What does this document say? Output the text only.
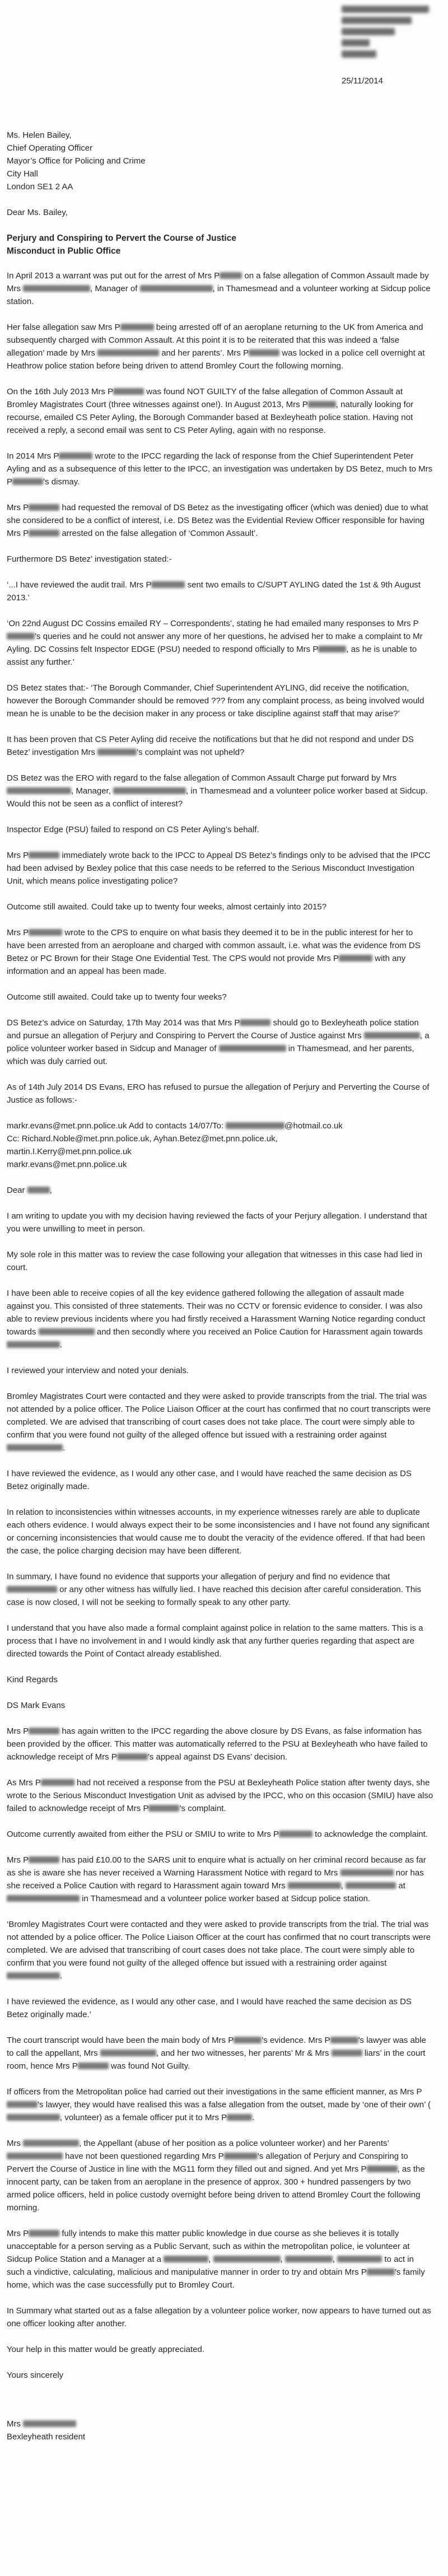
25/11/2014
Ms. Helen Bailey,
Chief Operating Officer
Mayor’s Office for Policing and Crime
City Hall
London SE1 2 AA
Dear Ms. Bailey,
Perjury and Conspiring to Pervert the Course of Justice
Misconduct in Public Office

In April 2013 a warrant was put out for the arrest of Mrs P	on a false allegation of Common Assault made by Mrs	, Manager of	, in Thamesmead and a volunteer working at Sidcup police station.

Her false allegation saw Mrs P	being arrested off of an aeroplane returning to the UK from America and subsequently charged with Common Assault. At this point it is to be reiterated that this was indeed a ‘false allegation’ made by Mrs	and her parents’. Mrs P	was locked in a police cell overnight at Heathrow police station before being driven to attend Bromley Court the following morning.

On the 16th July 2013 Mrs P	was found NOT GUILTY of the false allegation of Common Assault at Bromley Magistrates Court (three witnesses against one!). In August 2013, Mrs P	, naturally looking for recourse, emailed CS Peter Ayling, the Borough Commander based at Bexleyheath police station. Having not received a reply, a second email was sent to CS Peter Ayling, again with no response.

In 2014 Mrs P	wrote to the IPCC regarding the lack of response from the Chief Superintendent Peter Ayling and as a subsequence of this letter to the IPCC, an investigation was undertaken by DS Betez, much to Mrs P	’s dismay.

Mrs P	had requested the removal of DS Betez as the investigating officer (which was denied) due to what she considered to be a conflict of interest, i.e. DS Betez was the Evidential Review Officer responsible for having Mrs P	arrested on the false allegation of ‘Common Assault’.

Furthermore DS Betez’ investigation stated:-

‘...I have reviewed the audit trail. Mrs P	sent two emails to C/SUPT AYLING dated the 1st & 9th August 2013.’

‘On 22nd August DC Cossins emailed RY – Correspondents’, stating he had emailed many responses to Mrs P’s queries and he could not answer any more of her questions, he advised her to make a complaint to Mr Ayling. DC Cossins felt Inspector EDGE (PSU) needed to respond officially to Mrs P	, as he is unable to assist any further.’

DS Betez states that:- ‘The Borough Commander, Chief Superintendent AYLING, did receive the notification, however the Borough Commander should be removed ??? from any complaint process, as being involved would mean he is unable to be the decision maker in any process or take discipline against staff that may arise?’

It has been proven that CS Peter Ayling did receive the notifications but that he did not respond and under DS Betez’ investigation Mrs	’s complaint was not upheld?

DS Betez was the ERO with regard to the false allegation of Common Assault Charge put forward by Mrs , Manager,	, in Thamesmead and a volunteer police worker based at Sidcup. Would this not be seen as a conflict of interest?

Inspector Edge (PSU) failed to respond on CS Peter Ayling’s behalf.

Mrs P	immediately wrote back to the IPCC to Appeal DS Betez’s findings only to be advised that the IPCC had been advised by Bexley police that this case needs to be referred to the Serious Misconduct Investigation Unit, which means police investigating police?

Outcome still awaited. Could take up to twenty four weeks, almost certainly into 2015?

Mrs P	wrote to the CPS to enquire on what basis they deemed it to be in the public interest for her to have been arrested from an aeroploane and charged with common assault, i.e. what was the evidence from DS Betez or PC Brown for their Stage One Evidential Test. The CPS would not provide Mrs P	with any information and an appeal has been made.

Outcome still awaited. Could take up to twenty four weeks?

DS Betez’s advice on Saturday, 17th May 2014 was that Mrs P	should go to Bexleyheath police station and pursue an allegation of Perjury and Conspiring to Pervert the Course of Justice against Mrs	, a police volunteer worker based in Sidcup and Manager of	in Thamesmead, and her parents, which was duly carried out.

As of 14th July 2014 DS Evans, ERO has refused to pursue the allegation of Perjury and Perverting the Course of Justice as follows:-

markr.evans@met.pnn.police.uk Add to contacts 14/07/To:	@hotmail.co.uk
Cc: Richard.Noble@met.pnn.police.uk, Ayhan.Betez@met.pnn.police.uk,
martin.I.Kerry@met.pnn.police.uk
markr.evans@met.pnn.police.uk

Dear	,

I am writing to update you with my decision having reviewed the facts of your Perjury allegation. I understand that you were unwilling to meet in person.

My sole role in this matter was to review the case following your allegation that witnesses in this case had lied in court.

I have been able to receive copies of all the key evidence gathered following the allegation of assault made against you. This consisted of three statements. Their was no CCTV or forensic evidence to consider. I was also able to review previous incidents where you had firstly received a Harassment Warning Notice regarding conduct towards	and then secondly where you received an Police Caution for Harassment again towards .

I reviewed your interview and noted your denials.

Bromley Magistrates Court were contacted and they were asked to provide transcripts from the trial. The trial was not attended by a police officer. The Police Liaison Officer at the court has confirmed that no court transcripts were completed. We are advised that transcribing of court cases does not take place. The court were simply able to confirm that you were found not guilty of the alleged offence but issued with a restraining order against .

I have reviewed the evidence, as I would any other case, and I would have reached the same decision as DS Betez originally made.

In relation to inconsistencies within witnesses accounts, in my experience witnesses rarely are able to duplicate each others evidence. I would always expect their to be some inconsistencies and I have not found any significant or concerning inconsistencies that would cause me to doubt the veracity of the evidence offered. If that had been the case, the police charging decision may have been different.

In summary, I have found no evidence that supports your allegation of perjury and find no evidence that  or any other witness has wilfully lied. I have reached this decision after careful consideration. This case is now closed, I will not be seeking to formally speak to any other party.

I understand that you have also made a formal complaint against police in relation to the same matters. This is a process that I have no involvement in and I would kindly ask that any further queries regarding that aspect are directed towards the Point of Contact already established.

Kind Regards

DS Mark Evans

Mrs P	has again written to the IPCC regarding the above closure by DS Evans, as false information has been provided by the officer. This matter was automatically referred to the PSU at Bexleyheath who have failed to acknowledge receipt of Mrs P	’s appeal against DS Evans’ decision.

As Mrs P	had not received a response from the PSU at Bexleyheath Police station after twenty days, she wrote to the Serious Misconduct Investigation Unit as advised by the IPCC, who on this occasion (SMIU) have also failed to acknowledge receipt of Mrs P	’s complaint.

Outcome currently awaited from either the PSU or SMIU to write to Mrs P	to acknowledge the complaint.

Mrs P	has paid £10.00 to the SARS unit to enquire what is actually on her criminal record because as far as she is aware she has never received a Warning Harassment Notice with regard to Mrs	nor has she received a Police Caution with regard to Harassment again toward Mrs	,	at  in Thamesmead and a volunteer police worker based at Sidcup police station.

‘Bromley Magistrates Court were contacted and they were asked to provide transcripts from the trial. The trial was not attended by a police officer. The Police Liaison Officer at the court has confirmed that no court transcripts were completed. We are advised that transcribing of court cases does not take place. The court were simply able to confirm that you were found not guilty of the alleged offence but issued with a restraining order against .

I have reviewed the evidence, as I would any other case, and I would have reached the same decision as DS Betez originally made.’

The court transcript would have been the main body of Mrs P	’s evidence. Mrs P	’s lawyer was able to call the appellant, Mrs	, and her two witnesses, her parents’ Mr & Mrs	liars’ in the court room, hence Mrs P	was found Not Guilty.

If officers from the Metropolitan police had carried out their investigations in the same efficient manner, as Mrs P’s lawyer, they would have realised this was a false allegation from the outset, made by ‘one of their own’ (, volunteer) as a female officer put it to Mrs P	.

Mrs	, the Appellant (abuse of her position as a police volunteer worker) and her Parents’  have not been questioned regarding Mrs P	’s allegation of Perjury and Conspiring to Pervert the Course of Justice in line with the MG11 form they filled out and signed. And yet Mrs P	, as the innocent party, can be taken from an aeroplane in the presence of approx. 300 + hundred passengers by two armed police officers, held in police custody overnight before being driven to attend Bromley Court the following morning.

Mrs P	fully intends to make this matter public knowledge in due course as she believes it is totally unacceptable for a person serving as a Public Servant, such as within the metropolitan police, ie volunteer at Sidcup Police Station and a Manager at a	,	,	,	to act in such a vindictive, calculating, malicious and manipulative manner in order to try and obtain Mrs P	’s family home, which was the case successfully put to Bromley Court.

In Summary what started out as a false allegation by a volunteer police worker, now appears to have turned out as one officer looking after another.

Your help in this matter would be greatly appreciated.

Yours sincerely

Mrs
Bexleyheath resident
